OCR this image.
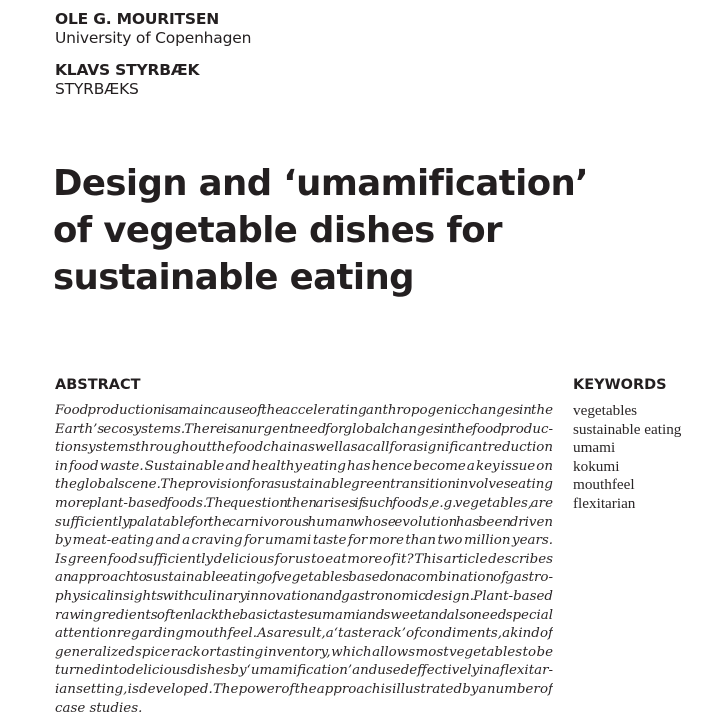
OLE G. MOURITSEN
University of Copenhagen
KLAVS STYRBÆK
STYRBÆKS
Design and ‘umamification’
of vegetable dishes for
sustainable eating
ABSTRACT
Food production is a main cause of the accelerating anthropogenic changes in the
Earth’s ecosystems. There is an urgent need for global changes in the food produc-
tion systems throughout the food chain as well as a call for a significant reduction
in food waste. Sustainable and healthy eating has hence become a key issue on
the global scene. The provision for a sustainable green transition involves eating
more plant-based foods. The question then arises if such foods, e.g. vegetables, are
sufficiently palatable for the carnivorous human whose evolution has been driven
by meat-eating and a craving for umami taste for more than two million years.
Is green food sufficiently delicious for us to eat more of it? This article describes
an approach to sustainable eating of vegetables based on a combination of gastro-
physical insights with culinary innovation and gastronomic design. Plant-based
raw ingredients often lack the basic tastes umami and sweet and also need special
attention regarding mouthfeel. As a result, a ‘taste rack’ of condiments, a kind of
generalized spice rack or tasting inventory, which allows most vegetables to be
turned into delicious dishes by ‘umamification’ and used effectively in a flexitar-
ian setting, is developed. The power of the approach is illustrated by a number of
case studies.
KEYWORDS
vegetables
sustainable eating
umami
kokumi
mouthfeel
flexitarian
